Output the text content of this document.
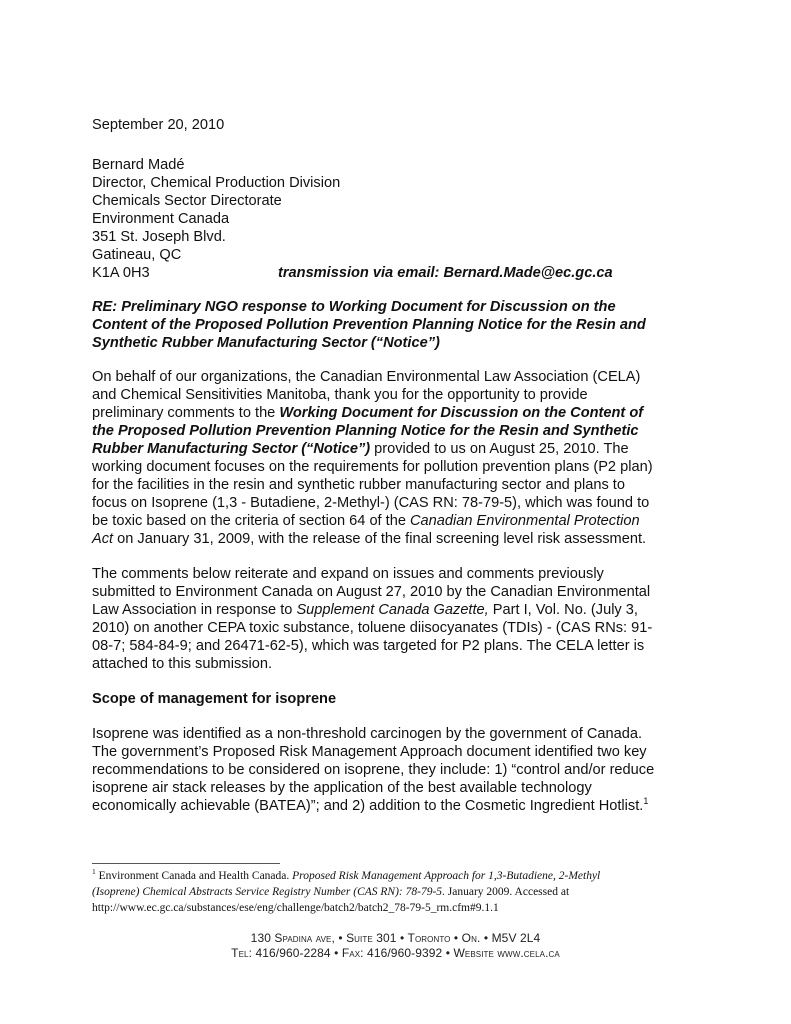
September 20, 2010
Bernard Madé
Director, Chemical Production Division
Chemicals Sector Directorate
Environment Canada
351 St. Joseph Blvd.
Gatineau, QC
K1A 0H3	transmission via email: Bernard.Made@ec.gc.ca
RE: Preliminary NGO response to Working Document for Discussion on the
Content of the Proposed Pollution Prevention Planning Notice for the Resin and
Synthetic Rubber Manufacturing Sector (“Notice”)
On behalf of our organizations, the Canadian Environmental Law Association (CELA)
and Chemical Sensitivities Manitoba, thank you for the opportunity to provide
preliminary comments to the Working Document for Discussion on the Content of
the Proposed Pollution Prevention Planning Notice for the Resin and Synthetic
Rubber Manufacturing Sector (“Notice”) provided to us on August 25, 2010. The
working document focuses on the requirements for pollution prevention plans (P2 plan)
for the facilities in the resin and synthetic rubber manufacturing sector and plans to
focus on Isoprene (1,3 - Butadiene, 2-Methyl-) (CAS RN: 78-79-5), which was found to
be toxic based on the criteria of section 64 of the Canadian Environmental Protection
Act on January 31, 2009, with the release of the final screening level risk assessment.
The comments below reiterate and expand on issues and comments previously
submitted to Environment Canada on August 27, 2010 by the Canadian Environmental
Law Association in response to Supplement Canada Gazette, Part I, Vol. No. (July 3,
2010) on another CEPA toxic substance, toluene diisocyanates (TDIs) - (CAS RNs: 91-
08-7; 584-84-9; and 26471-62-5), which was targeted for P2 plans. The CELA letter is
attached to this submission.
Scope of management for isoprene
Isoprene was identified as a non-threshold carcinogen by the government of Canada.
The government’s Proposed Risk Management Approach document identified two key
recommendations to be considered on isoprene, they include: 1) “control and/or reduce
isoprene air stack releases by the application of the best available technology
economically achievable (BATEA)”; and 2) addition to the Cosmetic Ingredient Hotlist.$^1$
$^1$ Environment Canada and Health Canada. Proposed Risk Management Approach for 1,3-Butadiene, 2-Methyl
(Isoprene) Chemical Abstracts Service Registry Number (CAS RN): 78-79-5. January 2009. Accessed at
http://www.ec.gc.ca/substances/ese/eng/challenge/batch2/batch2_78-79-5_rm.cfm#9.1.1
130 Spadina ave, • Suite 301 • Toronto • On. • M5V 2L4
Tel: 416/960-2284 • Fax: 416/960-9392 • Website www.cela.ca
